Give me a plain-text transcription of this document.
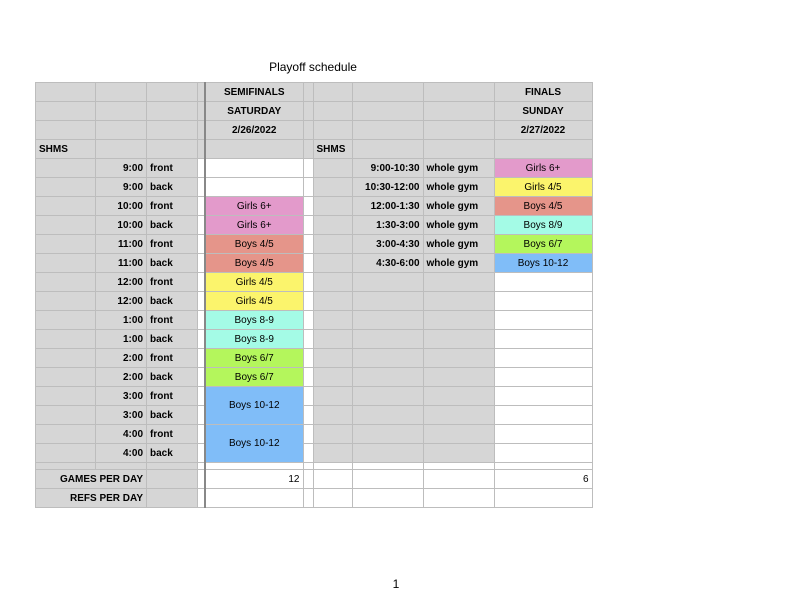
Playoff schedule
				SEMIFINALS					FINALS
				SATURDAY					SUNDAY
				2/26/2022					2/27/2022
SHMS						SHMS			
	9:00	front					9:00-10:30	whole gym	Girls 6+
	9:00	back					10:30-12:00	whole gym	Girls 4/5
	10:00	front		Girls 6+			12:00-1:30	whole gym	Boys 4/5
	10:00	back		Girls 6+			1:30-3:00	whole gym	Boys 8/9
	11:00	front		Boys 4/5			3:00-4:30	whole gym	Boys 6/7
	11:00	back		Boys 4/5			4:30-6:00	whole gym	Boys 10-12
	12:00	front		Girls 4/5					
	12:00	back		Girls 4/5					
	1:00	front		Boys 8-9					
	1:00	back		Boys 8-9					
	2:00	front		Boys 6/7					
	2:00	back		Boys 6/7					
	3:00	front		Boys 10-12					
	3:00	back							
	4:00	front		Boys 10-12					
	4:00	back							

GAMES PER DAY				12					6
REFS PER DAY									
1
